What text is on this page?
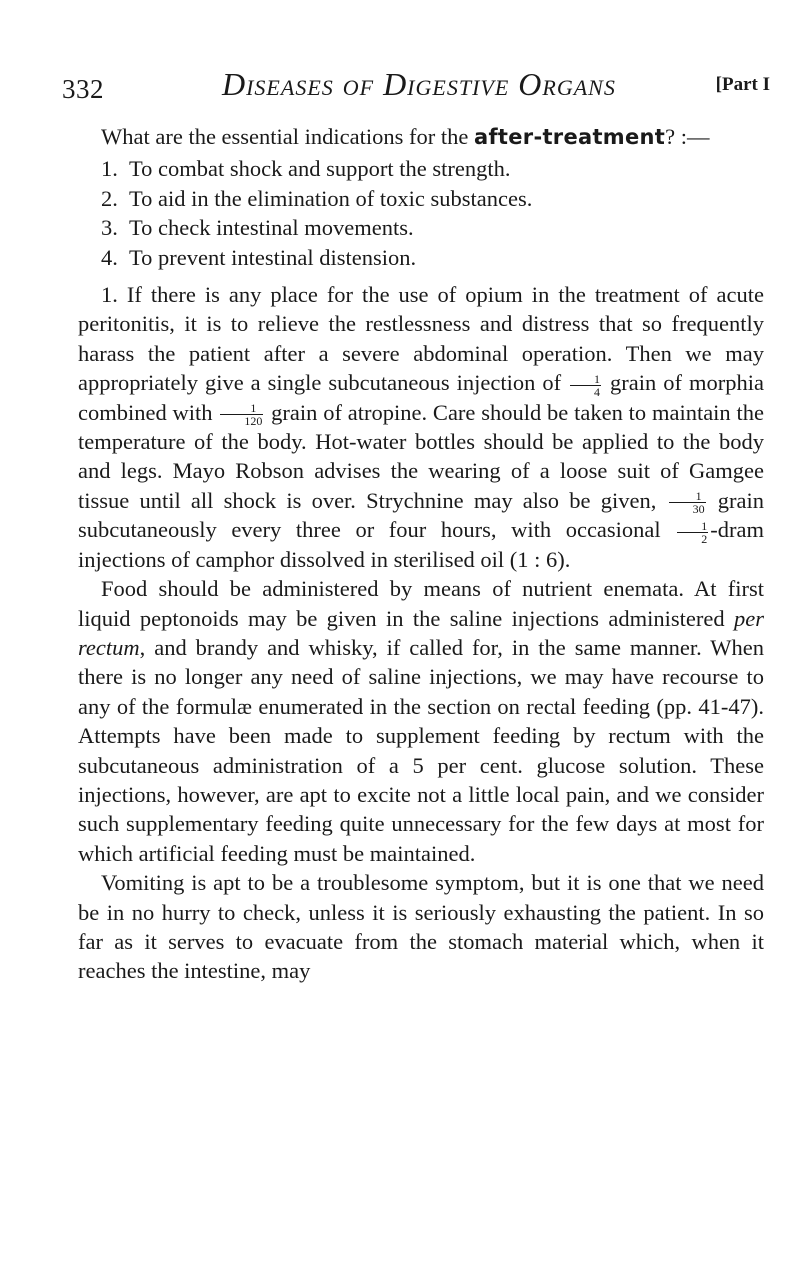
332	Diseases of Digestive Organs	[Part I

What are the essential indications for the after-treatment? :—

1. To combat shock and support the strength.
2. To aid in the elimination of toxic substances.
3. To check intestinal movements.
4. To prevent intestinal distension.

1. If there is any place for the use of opium in the treatment of acute peritonitis, it is to relieve the restlessness and distress that so frequently harass the patient after a severe abdominal operation. Then we may appropriately give a single subcutaneous injection of $\frac{1}{4}$ grain of morphia combined with $\frac{1}{120}$ grain of atropine. Care should be taken to maintain the temperature of the body. Hot-water bottles should be applied to the body and legs. Mayo Robson advises the wearing of a loose suit of Gamgee tissue until all shock is over. Strychnine may also be given, $\frac{1}{30}$ grain subcutaneously every three or four hours, with occasional $\frac{1}{2}$ -dram injections of camphor dissolved in sterilised oil (1 : 6).

Food should be administered by means of nutrient enemata. At first liquid peptonoids may be given in the saline injections administered per rectum, and brandy and whisky, if called for, in the same manner. When there is no longer any need of saline injections, we may have recourse to any of the formulæ enumerated in the section on rectal feeding (pp. 41-47). Attempts have been made to supplement feeding by rectum with the subcutaneous administration of a 5 per cent. glucose solution. These injections, however, are apt to excite not a little local pain, and we consider such supplementary feeding quite unnecessary for the few days at most for which artificial feeding must be maintained.

Vomiting is apt to be a troublesome symptom, but it is one that we need be in no hurry to check, unless it is seriously exhausting the patient. In so far as it serves to evacuate from the stomach material which, when it reaches the intestine, may
